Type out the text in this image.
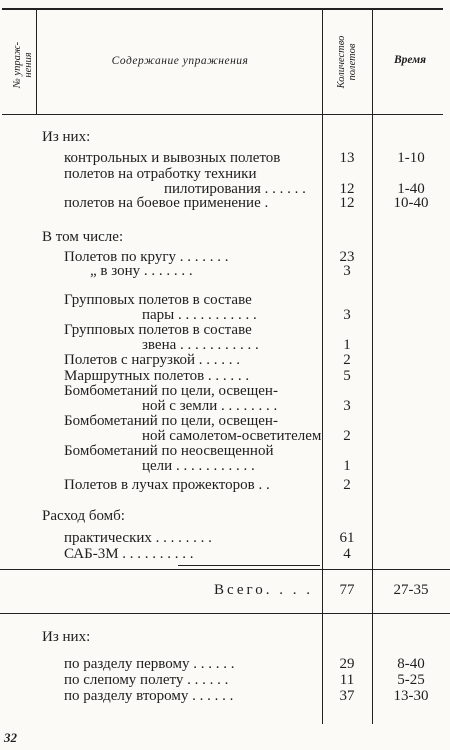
№ упраж-
нения	Содержание упражнения	Количество
полетов	Время
Из них:
контрольных и вывозных полетов	13	1-10
полетов на отработку техники
пилотирования . . . . . .	12	1-40
полетов на боевое применение .	12	10-40
В том числе:
Полетов по кругу . . . . . . .	23
„ в зону . . . . . . .	3
Групповых полетов в составе
пары . . . . . . . . . . .	3
Групповых полетов в составе
звена . . . . . . . . . . .	1
Полетов с нагрузкой . . . . . .	2
Маршрутных полетов . . . . . .	5
Бомбометаний по цели, освещен-
ной с земли . . . . . . . .	3
Бомбометаний по цели, освещен-
ной самолетом-осветителем	2
Бомбометаний по неосвещенной
цели . . . . . . . . . . .	1
Полетов в лучах прожекторов . .	2
Расход бомб:
практических . . . . . . . .	61
САБ-3М . . . . . . . . . .	4
Всего. . . .	77	27-35
Из них:
по разделу первому . . . . . .	29	8-40
по слепому полету . . . . . .	11	5-25
по разделу второму . . . . . .	37	13-30
32
